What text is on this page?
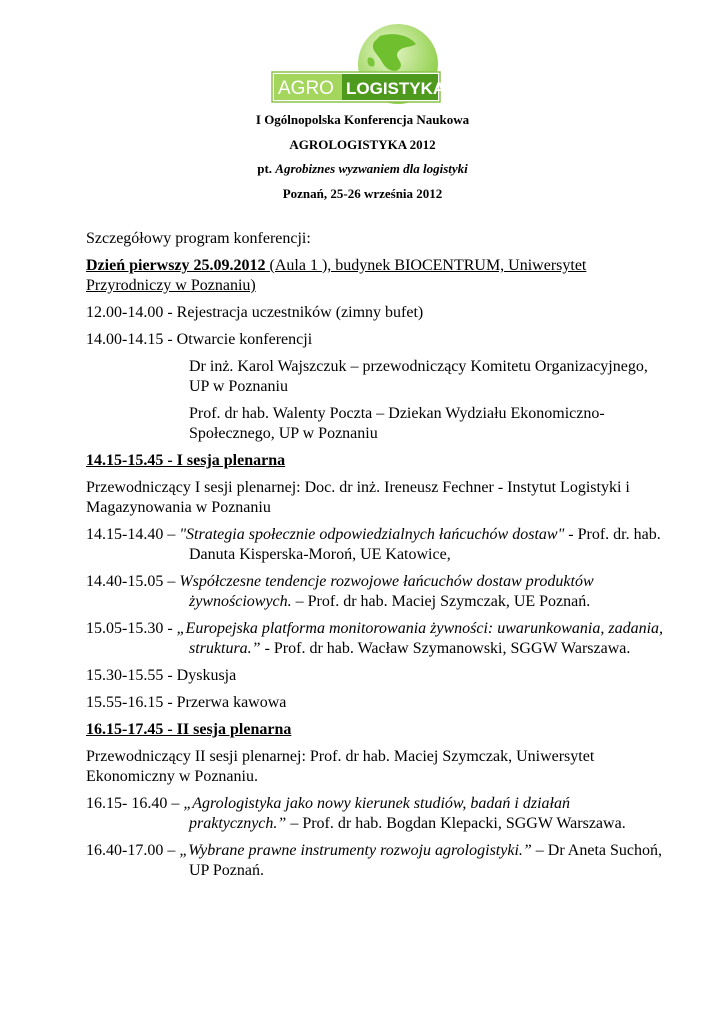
AGRO LOGISTYKA
I Ogólnopolska Konferencja Naukowa
AGROLOGISTYKA 2012
pt. Agrobiznes wyzwaniem dla logistyki
Poznań, 25-26 września 2012

Szczegółowy program konferencji:

Dzień pierwszy 25.09.2012 (Aula 1 ), budynek BIOCENTRUM, Uniwersytet Przyrodniczy w Poznaniu)

12.00-14.00 - Rejestracja uczestników (zimny bufet)

14.00-14.15 - Otwarcie konferencji

Dr inż. Karol Wajszczuk – przewodniczący Komitetu Organizacyjnego, UP w Poznaniu

Prof. dr hab. Walenty Poczta – Dziekan Wydziału Ekonomiczno-Społecznego, UP w Poznaniu

14.15-15.45 - I sesja plenarna

Przewodniczący I sesji plenarnej: Doc. dr inż. Ireneusz Fechner - Instytut Logistyki i Magazynowania w Poznaniu

14.15-14.40 – "Strategia społecznie odpowiedzialnych łańcuchów dostaw" - Prof. dr. hab. Danuta Kisperska-Moroń, UE Katowice,

14.40-15.05 – Współczesne tendencje rozwojowe łańcuchów dostaw produktów żywnościowych. – Prof. dr hab. Maciej Szymczak, UE Poznań.

15.05-15.30 - „Europejska platforma monitorowania żywności: uwarunkowania, zadania, struktura.” - Prof. dr hab. Wacław Szymanowski, SGGW Warszawa.

15.30-15.55 - Dyskusja

15.55-16.15 - Przerwa kawowa

16.15-17.45 - II sesja plenarna

Przewodniczący II sesji plenarnej: Prof. dr hab. Maciej Szymczak, Uniwersytet Ekonomiczny w Poznaniu.

16.15- 16.40 – „Agrologistyka jako nowy kierunek studiów, badań i działań praktycznych.” – Prof. dr hab. Bogdan Klepacki, SGGW Warszawa.

16.40-17.00 – „Wybrane prawne instrumenty rozwoju agrologistyki.” – Dr Aneta Suchoń, UP Poznań.
